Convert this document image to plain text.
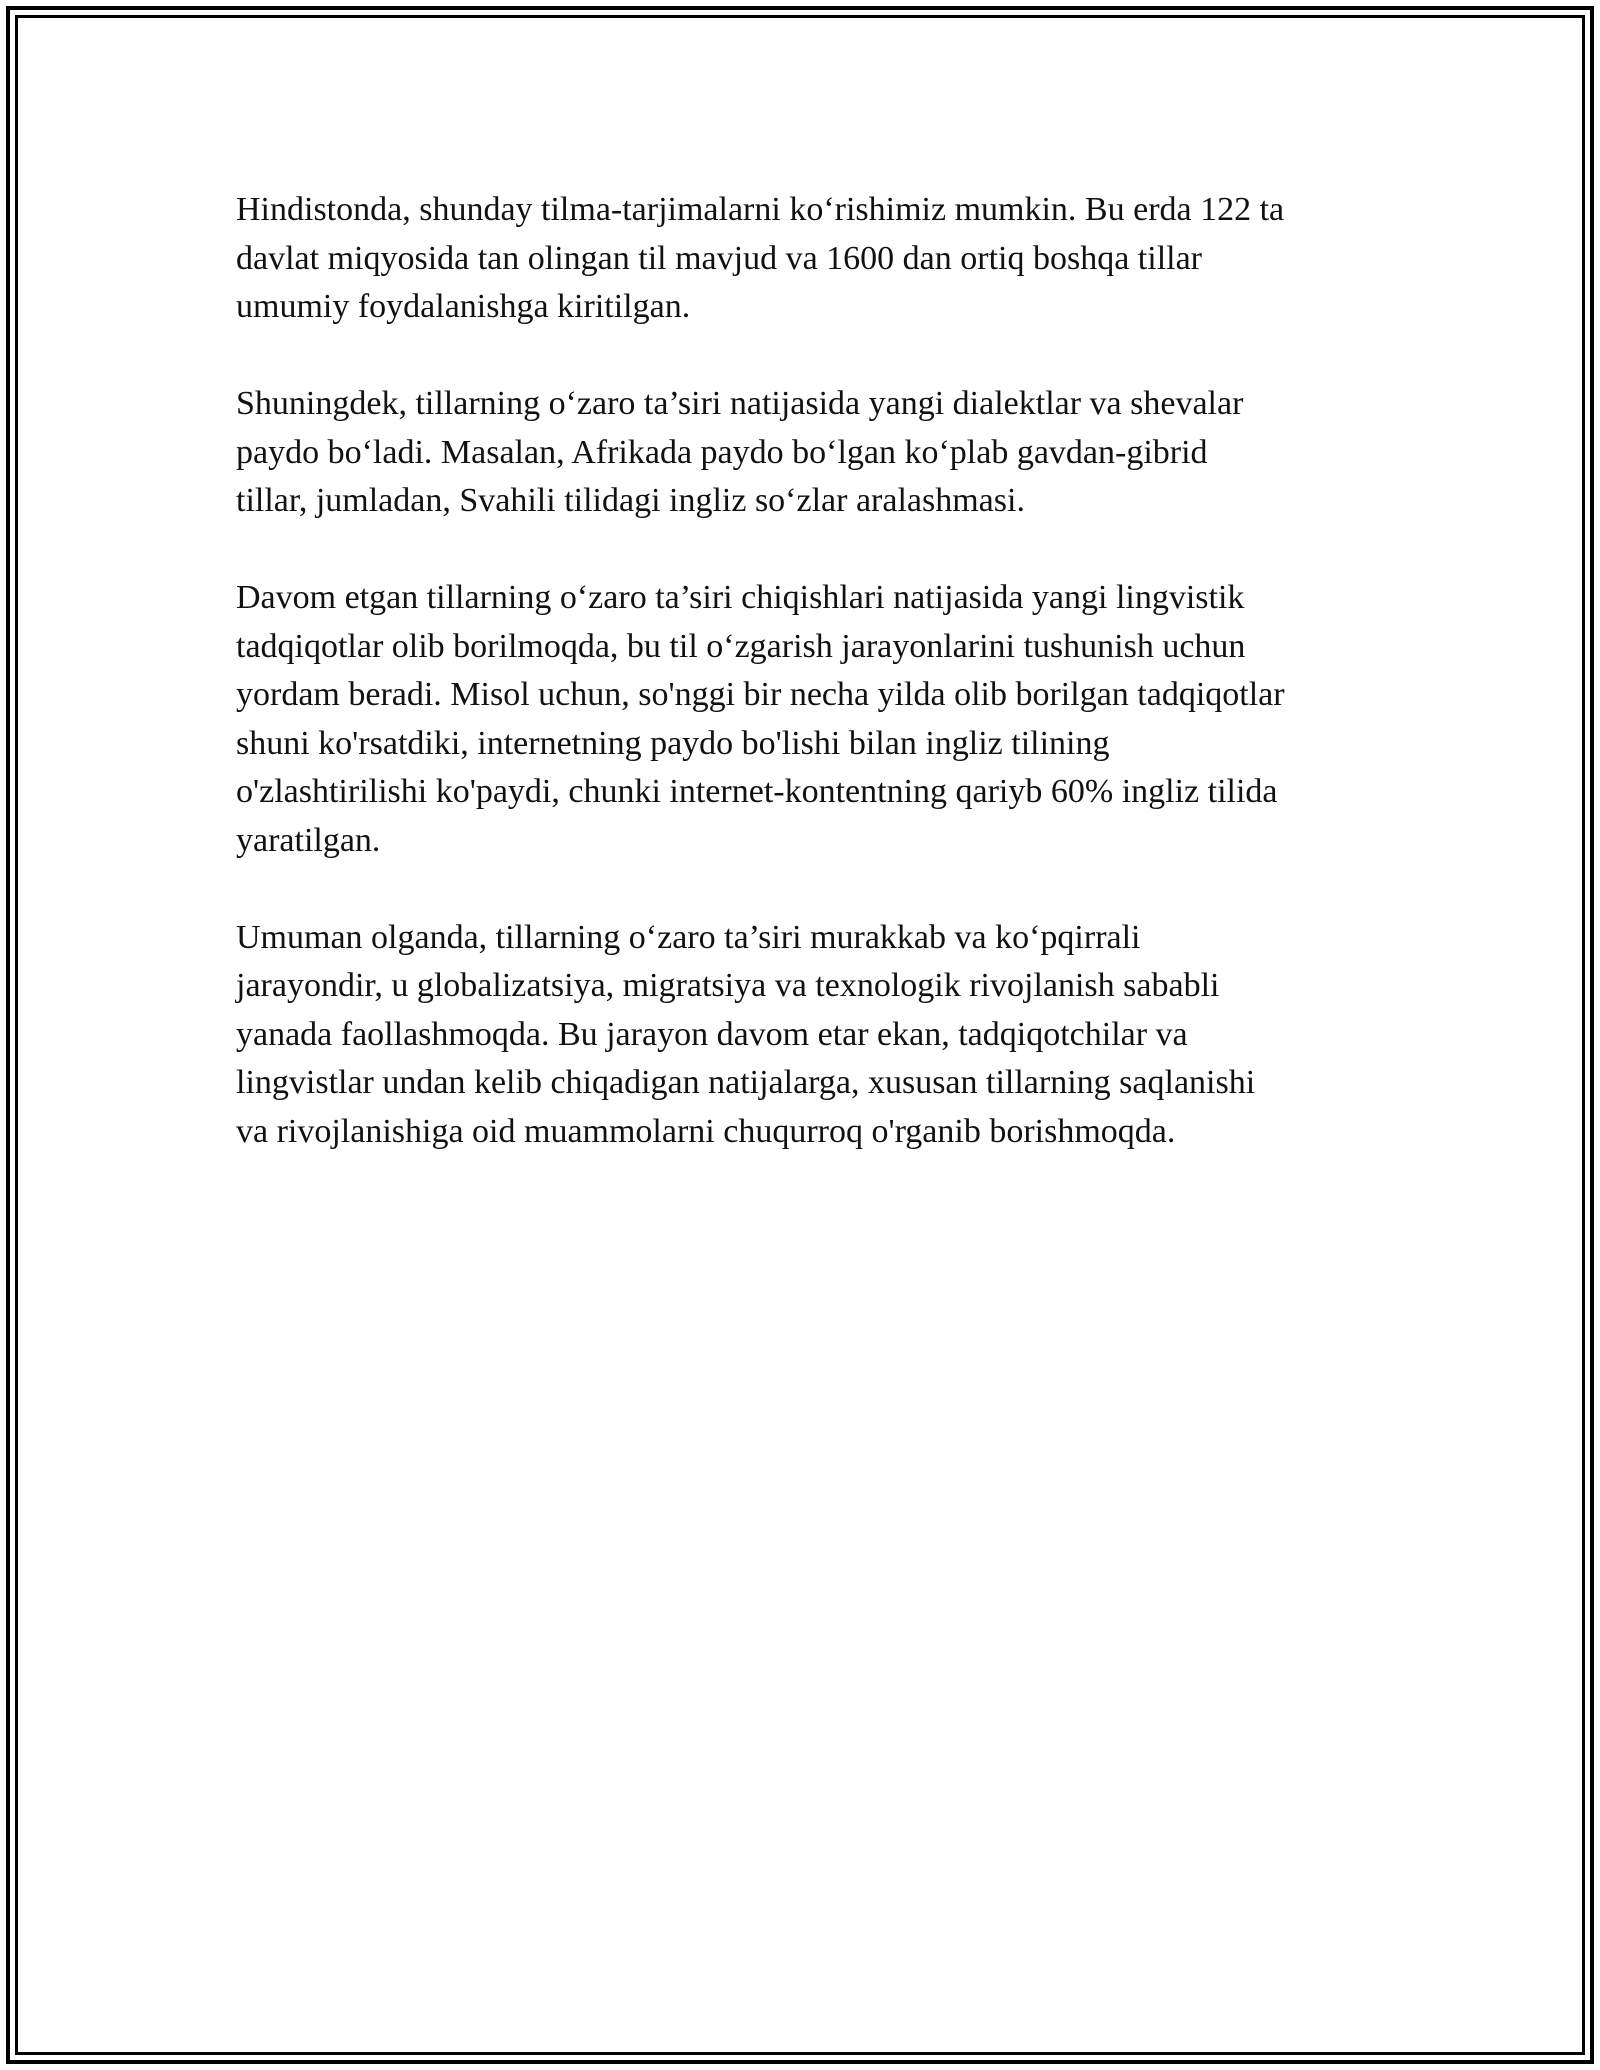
Hindistonda, shunday tilma-tarjimalarni ko‘rishimiz mumkin. Bu erda 122 ta
davlat miqyosida tan olingan til mavjud va 1600 dan ortiq boshqa tillar
umumiy foydalanishga kiritilgan.

Shuningdek, tillarning o‘zaro ta’siri natijasida yangi dialektlar va shevalar
paydo bo‘ladi. Masalan, Afrikada paydo bo‘lgan ko‘plab gavdan-gibrid
tillar, jumladan, Svahili tilidagi ingliz so‘zlar aralashmasi.

Davom etgan tillarning o‘zaro ta’siri chiqishlari natijasida yangi lingvistik
tadqiqotlar olib borilmoqda, bu til o‘zgarish jarayonlarini tushunish uchun
yordam beradi. Misol uchun, so'nggi bir necha yilda olib borilgan tadqiqotlar
shuni ko'rsatdiki, internetning paydo bo'lishi bilan ingliz tilining
o'zlashtirilishi ko'paydi, chunki internet-kontentning qariyb 60% ingliz tilida
yaratilgan.

Umuman olganda, tillarning o‘zaro ta’siri murakkab va ko‘pqirrali
jarayondir, u globalizatsiya, migratsiya va texnologik rivojlanish sababli
yanada faollashmoqda. Bu jarayon davom etar ekan, tadqiqotchilar va
lingvistlar undan kelib chiqadigan natijalarga, xususan tillarning saqlanishi
va rivojlanishiga oid muammolarni chuqurroq o'rganib borishmoqda.
